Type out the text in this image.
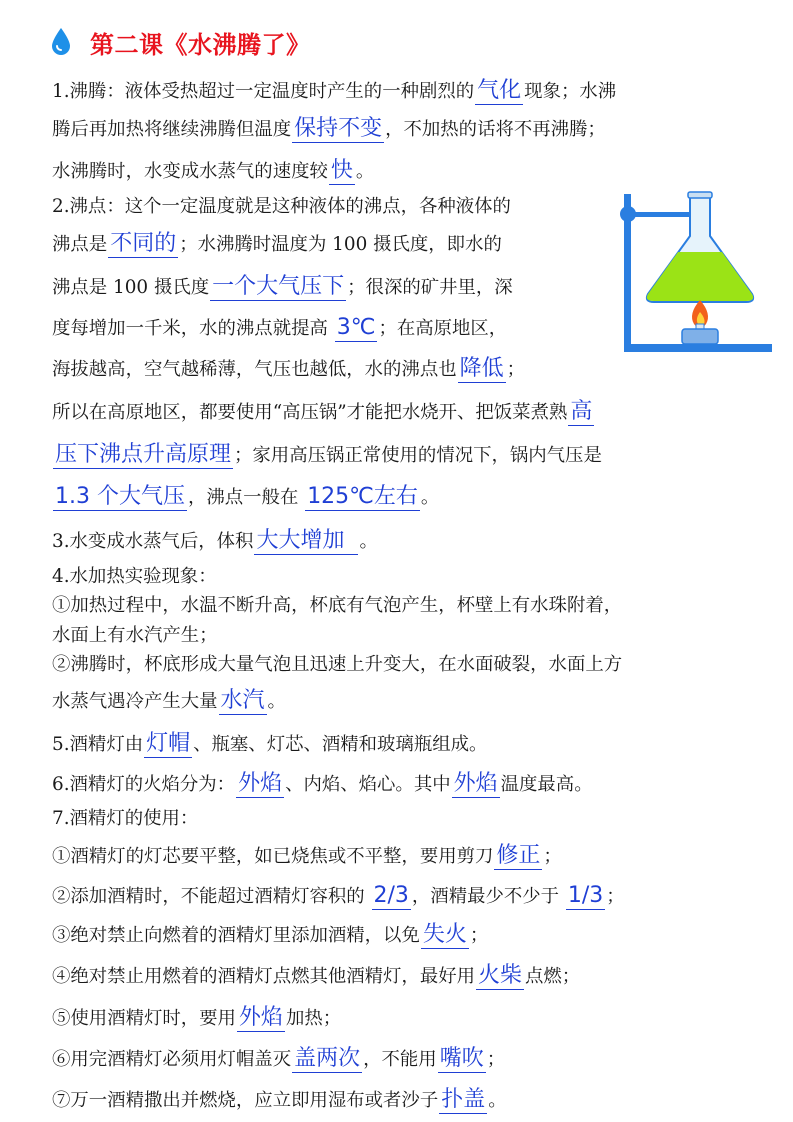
第二课《水沸腾了》
1.沸腾：液体受热超过一定温度时产生的一种剧烈的 气化 现象；水沸
腾后再加热将继续沸腾但温度 保持不变 ，不加热的话将不再沸腾；
水沸腾时，水变成水蒸气的速度较 快 。
2.沸点：这个一定温度就是这种液体的沸点，各种液体的
沸点是 不同的 ；水沸腾时温度为 100 摄氏度，即水的
沸点是 100 摄氏度 一个大气压下 ；很深的矿井里，深
度每增加一千米，水的沸点就提高 3℃ ；在高原地区，
海拔越高，空气越稀薄，气压也越低，水的沸点也 降低 ；
所以在高原地区，都要使用“高压锅”才能把水烧开、把饭菜煮熟 高
压下沸点升高原理 ；家用高压锅正常使用的情况下，锅内气压是
1.3 个大气压 ，沸点一般在 125℃左右 。
3.水变成水蒸气后，体积 大大增加 。
4.水加热实验现象：
①加热过程中，水温不断升高，杯底有气泡产生，杯壁上有水珠附着，
水面上有水汽产生；
②沸腾时，杯底形成大量气泡且迅速上升变大，在水面破裂，水面上方
水蒸气遇冷产生大量 水汽 。
5.酒精灯由 灯帽 、瓶塞、灯芯、酒精和玻璃瓶组成。
6.酒精灯的火焰分为： 外焰 、内焰、焰心。其中 外焰 温度最高。
7.酒精灯的使用：
①酒精灯的灯芯要平整，如已烧焦或不平整，要用剪刀 修正 ；
②添加酒精时，不能超过酒精灯容积的 2/3 ，酒精最少不少于 1/3 ；
③绝对禁止向燃着的酒精灯里添加酒精，以免 失火 ；
④绝对禁止用燃着的酒精灯点燃其他酒精灯，最好用 火柴 点燃；
⑤使用酒精灯时，要用 外焰 加热；
⑥用完酒精灯必须用灯帽盖灭 盖两次 ，不能用 嘴吹 ；
⑦万一酒精撒出并燃烧，应立即用湿布或者沙子 扑盖 。
